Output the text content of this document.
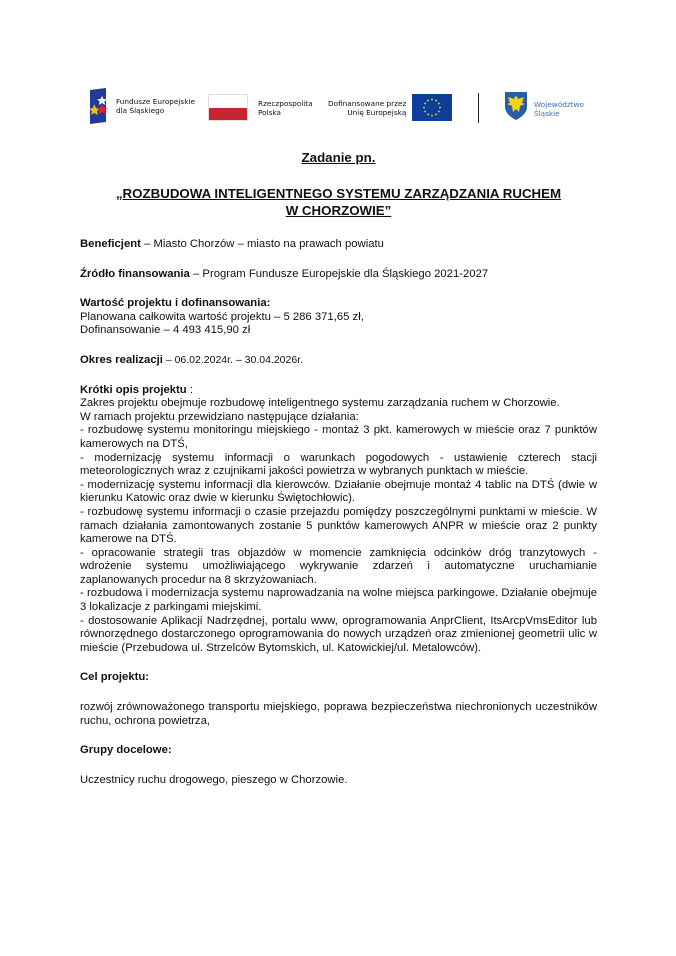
Fundusze Europejskie
dla Śląskiego
Rzeczpospolita
Polska
Dofinansowane przez
Unię Europejską
Województwo
Śląskie

Zadanie pn.

„ROZBUDOWA INTELIGENTNEGO SYSTEMU ZARZĄDZANIA RUCHEM
W CHORZOWIE”

Beneficjent – Miasto Chorzów – miasto na prawach powiatu

Źródło finansowania – Program Fundusze Europejskie dla Śląskiego 2021-2027

Wartość projektu i dofinansowania:
Planowana całkowita wartość projektu – 5 286 371,65 zł,
Dofinansowanie – 4 493 415,90 zł

Okres realizacji – 06.02.2024r. – 30.04.2026r.

Krótki opis projektu :

Zakres projektu obejmuje rozbudowę inteligentnego systemu zarządzania ruchem w Chorzowie.

W ramach projektu przewidziano następujące działania:

- rozbudowę systemu monitoringu miejskiego - montaż 3 pkt. kamerowych w mieście oraz 7 punktów kamerowych na DTŚ,

- modernizację systemu informacji o warunkach pogodowych - ustawienie czterech stacji meteorologicznych wraz z czujnikami jakości powietrza w wybranych punktach w mieście.

- modernizację systemu informacji dla kierowców. Działanie obejmuje montaż 4 tablic na DTŚ (dwie w kierunku Katowic oraz dwie w kierunku Świętochłowic).

- rozbudowę systemu informacji o czasie przejazdu pomiędzy poszczególnymi punktami w mieście. W ramach działania zamontowanych zostanie 5 punktów kamerowych ANPR w mieście oraz 2 punkty kamerowe na DTŚ.

- opracowanie strategii tras objazdów w momencie zamknięcia odcinków dróg tranzytowych - wdrożenie systemu umożliwiającego wykrywanie zdarzeń i automatyczne uruchamianie zaplanowanych procedur na 8 skrzyżowaniach.

- rozbudowa i modernizacja systemu naprowadzania na wolne miejsca parkingowe. Działanie obejmuje 3 lokalizacje z parkingami miejskimi.

- dostosowanie Aplikacji Nadrzędnej, portalu www, oprogramowania AnprClient, ItsArcpVmsEditor lub równorzędnego dostarczonego oprogramowania do nowych urządzeń oraz zmienionej geometrii ulic w mieście (Przebudowa ul. Strzelców Bytomskich, ul. Katowickiej/ul. Metalowców).

Cel projektu:

rozwój zrównoważonego transportu miejskiego, poprawa bezpieczeństwa niechronionych uczestników ruchu, ochrona powietrza,

Grupy docelowe:

Uczestnicy ruchu drogowego, pieszego w Chorzowie.
